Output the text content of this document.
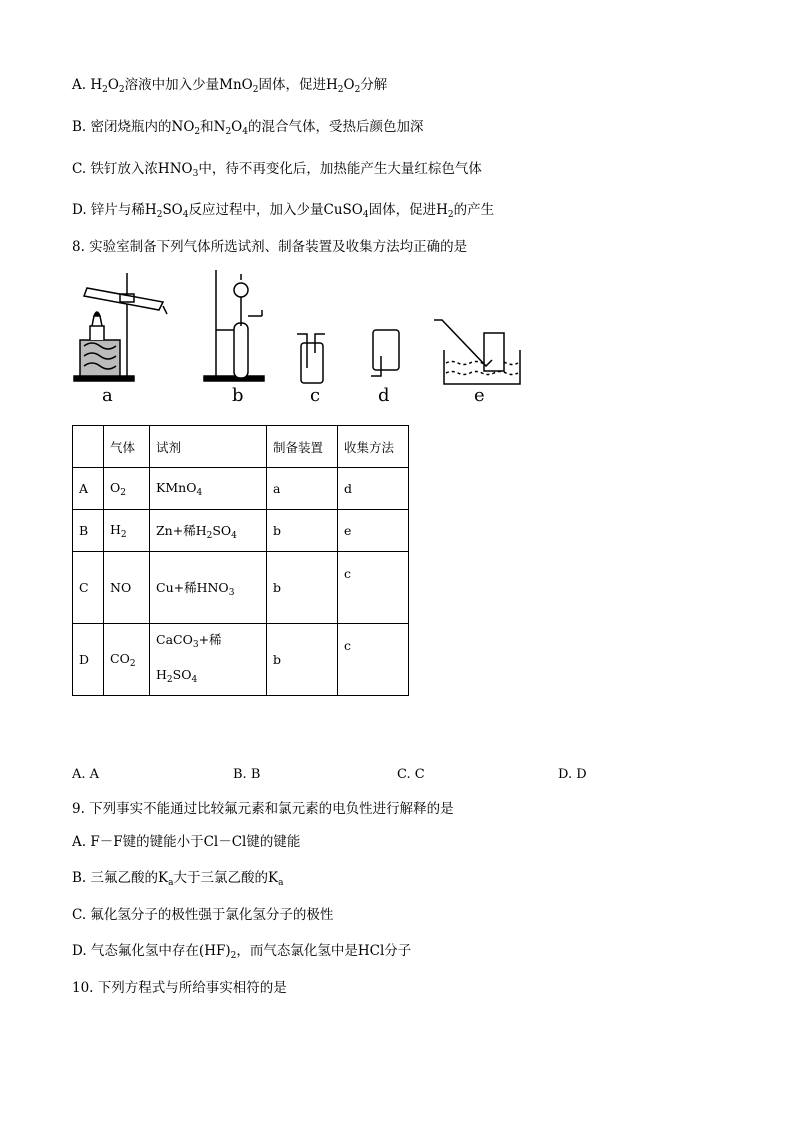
A. $H_2O_2$溶液中加入少量MnO$_2$固体，促进$H_2O_2$分解
B. 密闭烧瓶内的$NO_2$和$N_2O_4$的混合气体，受热后颜色加深
C. 铁钉放入浓$HNO_3$中，待不再变化后，加热能产生大量红棕色气体
D. 锌片与稀$H_2SO_4$反应过程中，加入少量CuSO$_4$固体，促进$H_2$的产生
8. 实验室制备下列气体所选试剂、制备装置及收集方法均正确的是
a	b	c	d	e
	气体	试剂	制备装置	收集方法
A	$O_2$	KMnO$_4$	a	d
B	$H_2$	Zn+稀$H_2SO_4$	b	e
C	NO	Cu+稀$HNO_3$	b	c
D	$CO_2$	CaCO$_3$+稀
$H_2SO_4$	b	c
A. A	B. B	C. C	D. D
9. 下列事实不能通过比较氟元素和氯元素的电负性进行解释的是
A. F－F键的键能小于Cl－Cl键的键能
B. 三氟乙酸的$K_a$大于三氯乙酸的$K_a$
C. 氟化氢分子的极性强于氯化氢分子的极性
D. 气态氟化氢中存在$(HF)_2$，而气态氯化氢中是HCl分子
10. 下列方程式与所给事实相符的是
